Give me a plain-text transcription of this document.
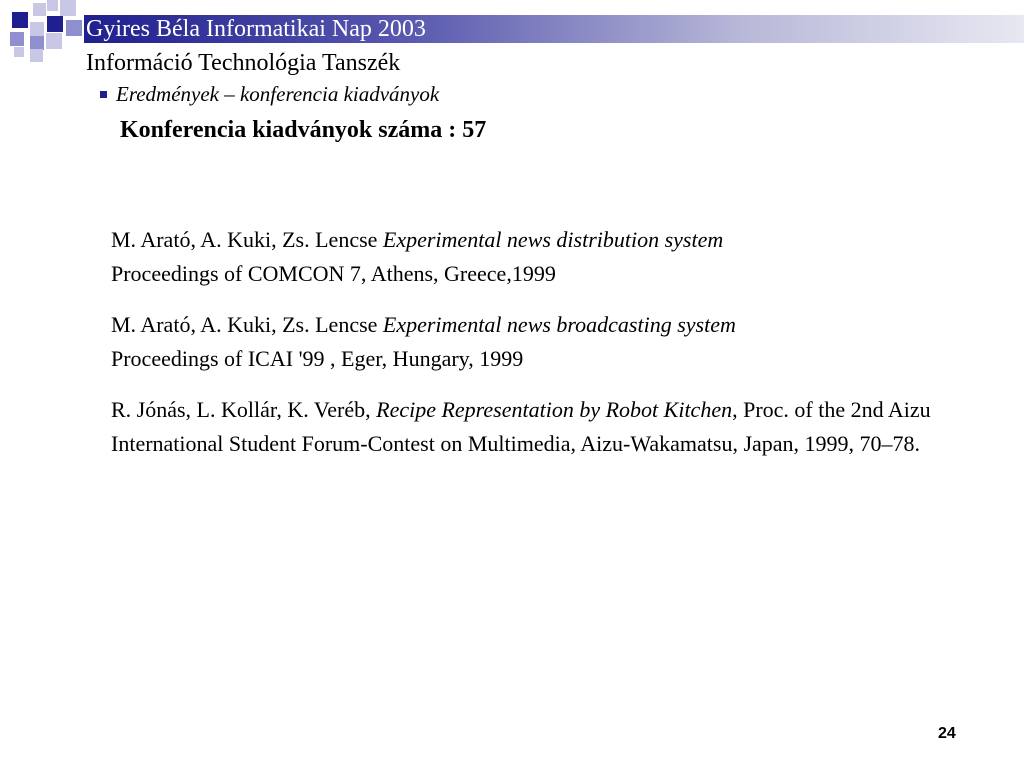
Gyires Béla Informatikai Nap 2003
Információ Technológia Tanszék
Eredmények – konferencia kiadványok
Konferencia kiadványok száma : 57
M. Arató, A. Kuki, Zs. Lencse Experimental news distribution system
Proceedings of COMCON 7, Athens, Greece,1999
M. Arató, A. Kuki, Zs. Lencse Experimental news broadcasting system
Proceedings of ICAI '99 , Eger, Hungary, 1999
R. Jónás, L. Kollár, K. Veréb, Recipe Representation by Robot Kitchen, Proc. of the 2nd Aizu International Student Forum-Contest on Multimedia, Aizu-Wakamatsu, Japan, 1999, 70–78.
24
